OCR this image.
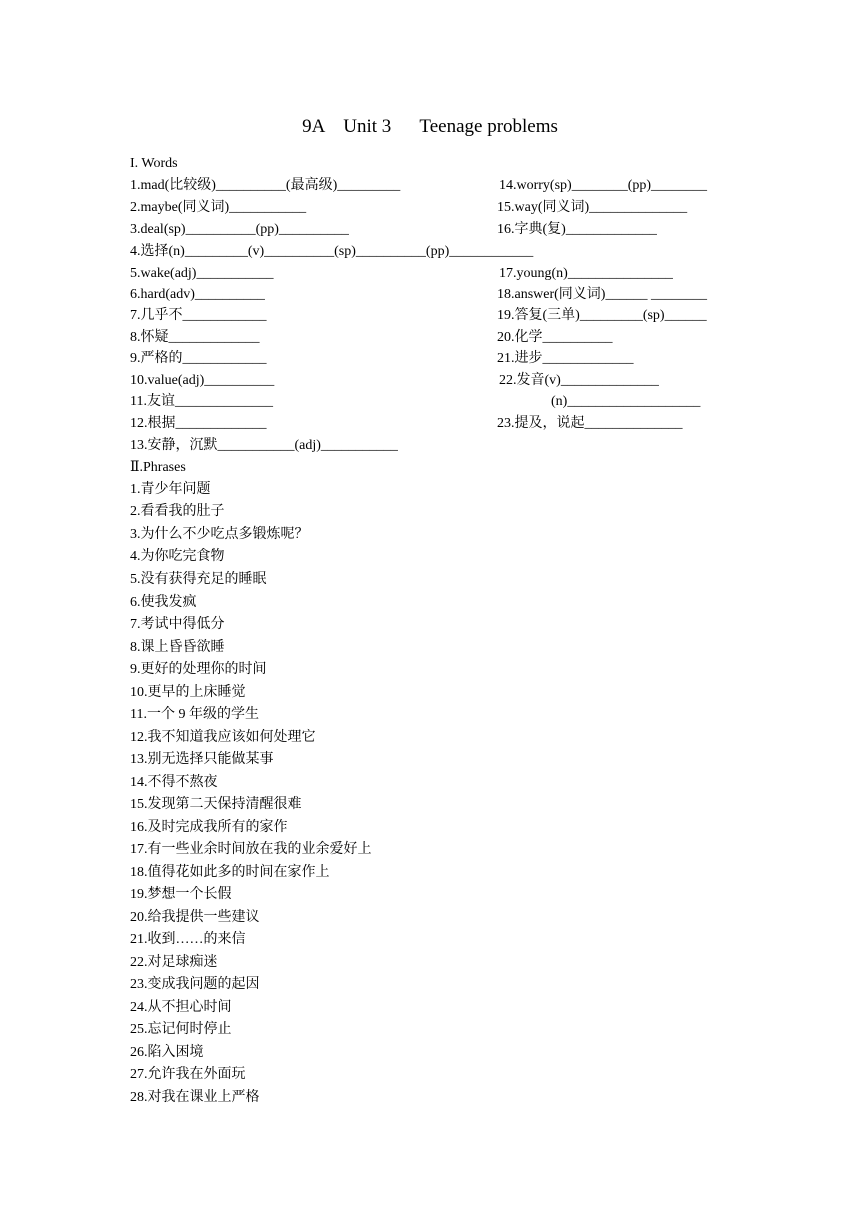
9A    Unit 3      Teenage problems
I. Words
1.mad(比较级)__________(最高级)_________
2.maybe(同义词)___________
3.deal(sp)__________(pp)__________
4.选择(n)_________(v)__________(sp)__________(pp)____________
5.wake(adj)___________
6.hard(adv)__________
7.几乎不____________
8.怀疑_____________
9.严格的____________
10.value(adj)__________
11.友谊______________
12.根据_____________
13.安静，沉默___________(adj)___________
14.worry(sp)________(pp)________
15.way(同义词)______________
16.字典(复)_____________
17.young(n)_______________
18.answer(同义词)______ ________
19.答复(三单)_________(sp)______
20.化学__________
21.进步_____________
22.发音(v)______________
(n)___________________
23.提及，说起______________
Ⅱ.Phrases
1.青少年问题
2.看看我的肚子
3.为什么不少吃点多锻炼呢？
4.为你吃完食物
5.没有获得充足的睡眠
6.使我发疯
7.考试中得低分
8.课上昏昏欲睡
9.更好的处理你的时间
10.更早的上床睡觉
11.一个 9 年级的学生
12.我不知道我应该如何处理它
13.别无选择只能做某事
14.不得不熬夜
15.发现第二天保持清醒很难
16.及时完成我所有的家作
17.有一些业余时间放在我的业余爱好上
18.值得花如此多的时间在家作上
19.梦想一个长假
20.给我提供一些建议
21.收到……的来信
22.对足球痴迷
23.变成我问题的起因
24.从不担心时间
25.忘记何时停止
26.陷入困境
27.允许我在外面玩
28.对我在课业上严格
